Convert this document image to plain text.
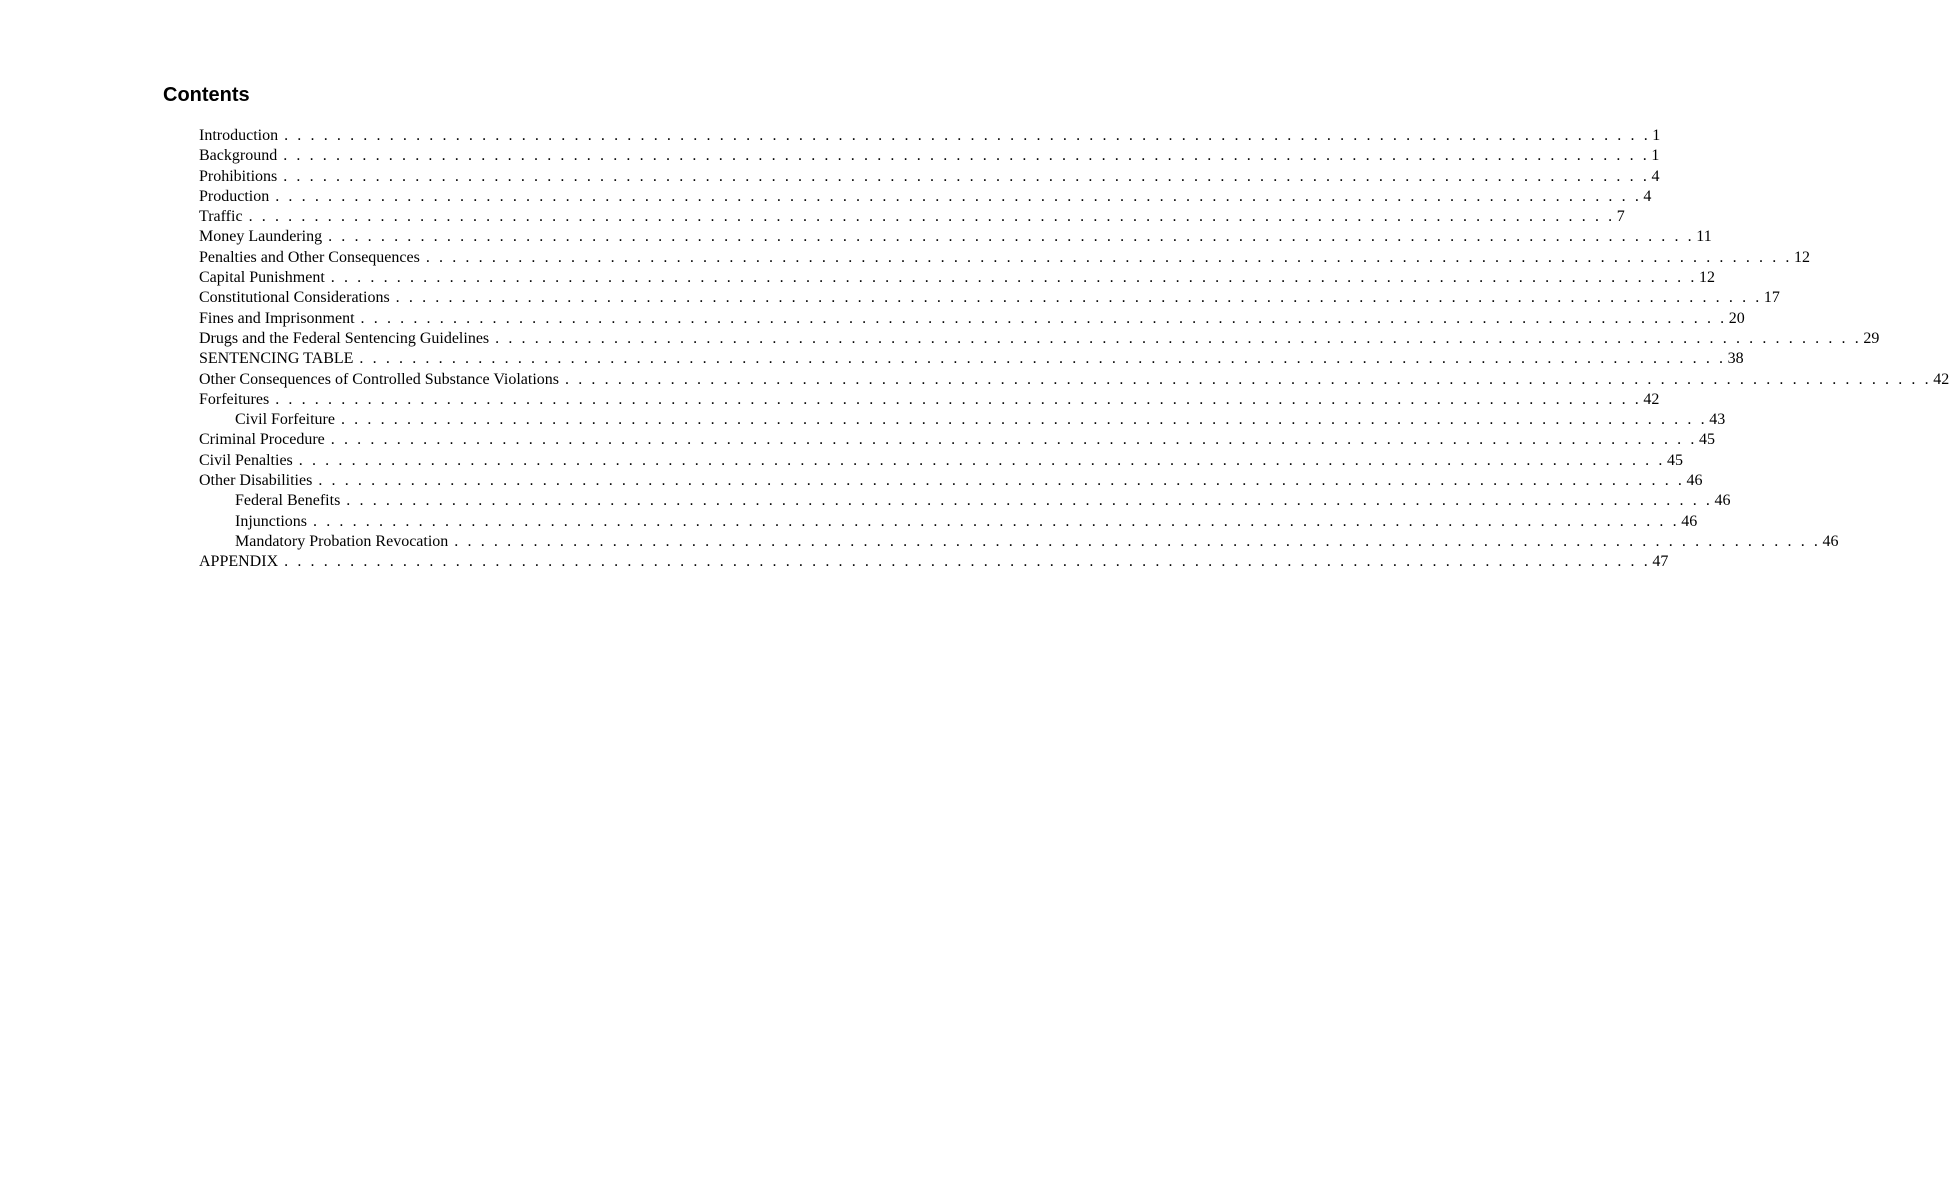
Contents
Introduction . . . . . . . . . . . . . . . . . . . . . . . . . . . . . . . . . . . . . . . . . . . . . . . . . . . . . . . . . . . . . . . . . . . . . . . . . . . . . . . . . . . . . . . . . . . . . . . . . . . . . . . . 1
Background . . . . . . . . . . . . . . . . . . . . . . . . . . . . . . . . . . . . . . . . . . . . . . . . . . . . . . . . . . . . . . . . . . . . . . . . . . . . . . . . . . . . . . . . . . . . . . . . . . . . . . . . 1
Prohibitions . . . . . . . . . . . . . . . . . . . . . . . . . . . . . . . . . . . . . . . . . . . . . . . . . . . . . . . . . . . . . . . . . . . . . . . . . . . . . . . . . . . . . . . . . . . . . . . . . . . . . . . . 4
Production . . . . . . . . . . . . . . . . . . . . . . . . . . . . . . . . . . . . . . . . . . . . . . . . . . . . . . . . . . . . . . . . . . . . . . . . . . . . . . . . . . . . . . . . . . . . . . . . . . . . . . . . 4
Traffic . . . . . . . . . . . . . . . . . . . . . . . . . . . . . . . . . . . . . . . . . . . . . . . . . . . . . . . . . . . . . . . . . . . . . . . . . . . . . . . . . . . . . . . . . . . . . . . . . . . . . . . . 7
Money Laundering . . . . . . . . . . . . . . . . . . . . . . . . . . . . . . . . . . . . . . . . . . . . . . . . . . . . . . . . . . . . . . . . . . . . . . . . . . . . . . . . . . . . . . . . . . . . . . . . . . . . . . . . 11
Penalties and Other Consequences . . . . . . . . . . . . . . . . . . . . . . . . . . . . . . . . . . . . . . . . . . . . . . . . . . . . . . . . . . . . . . . . . . . . . . . . . . . . . . . . . . . . . . . . . . . . . . . . . . . . . . . . 12
Capital Punishment . . . . . . . . . . . . . . . . . . . . . . . . . . . . . . . . . . . . . . . . . . . . . . . . . . . . . . . . . . . . . . . . . . . . . . . . . . . . . . . . . . . . . . . . . . . . . . . . . . . . . . . . 12
Constitutional Considerations . . . . . . . . . . . . . . . . . . . . . . . . . . . . . . . . . . . . . . . . . . . . . . . . . . . . . . . . . . . . . . . . . . . . . . . . . . . . . . . . . . . . . . . . . . . . . . . . . . . . . . . . 17
Fines and Imprisonment . . . . . . . . . . . . . . . . . . . . . . . . . . . . . . . . . . . . . . . . . . . . . . . . . . . . . . . . . . . . . . . . . . . . . . . . . . . . . . . . . . . . . . . . . . . . . . . . . . . . . . . . 20
Drugs and the Federal Sentencing Guidelines . . . . . . . . . . . . . . . . . . . . . . . . . . . . . . . . . . . . . . . . . . . . . . . . . . . . . . . . . . . . . . . . . . . . . . . . . . . . . . . . . . . . . . . . . . . . . . . . . . . . . . . . 29
SENTENCING TABLE . . . . . . . . . . . . . . . . . . . . . . . . . . . . . . . . . . . . . . . . . . . . . . . . . . . . . . . . . . . . . . . . . . . . . . . . . . . . . . . . . . . . . . . . . . . . . . . . . . . . . . . . 38
Other Consequences of Controlled Substance Violations . . . . . . . . . . . . . . . . . . . . . . . . . . . . . . . . . . . . . . . . . . . . . . . . . . . . . . . . . . . . . . . . . . . . . . . . . . . . . . . . . . . . . . . . . . . . . . . . . . . . . . . . 42
Forfeitures . . . . . . . . . . . . . . . . . . . . . . . . . . . . . . . . . . . . . . . . . . . . . . . . . . . . . . . . . . . . . . . . . . . . . . . . . . . . . . . . . . . . . . . . . . . . . . . . . . . . . . . . 42
Civil Forfeiture . . . . . . . . . . . . . . . . . . . . . . . . . . . . . . . . . . . . . . . . . . . . . . . . . . . . . . . . . . . . . . . . . . . . . . . . . . . . . . . . . . . . . . . . . . . . . . . . . . . . . . . . 43
Criminal Procedure . . . . . . . . . . . . . . . . . . . . . . . . . . . . . . . . . . . . . . . . . . . . . . . . . . . . . . . . . . . . . . . . . . . . . . . . . . . . . . . . . . . . . . . . . . . . . . . . . . . . . . . . 45
Civil Penalties . . . . . . . . . . . . . . . . . . . . . . . . . . . . . . . . . . . . . . . . . . . . . . . . . . . . . . . . . . . . . . . . . . . . . . . . . . . . . . . . . . . . . . . . . . . . . . . . . . . . . . . . 45
Other Disabilities . . . . . . . . . . . . . . . . . . . . . . . . . . . . . . . . . . . . . . . . . . . . . . . . . . . . . . . . . . . . . . . . . . . . . . . . . . . . . . . . . . . . . . . . . . . . . . . . . . . . . . . . 46
Federal Benefits . . . . . . . . . . . . . . . . . . . . . . . . . . . . . . . . . . . . . . . . . . . . . . . . . . . . . . . . . . . . . . . . . . . . . . . . . . . . . . . . . . . . . . . . . . . . . . . . . . . . . . . . 46
Injunctions . . . . . . . . . . . . . . . . . . . . . . . . . . . . . . . . . . . . . . . . . . . . . . . . . . . . . . . . . . . . . . . . . . . . . . . . . . . . . . . . . . . . . . . . . . . . . . . . . . . . . . . . 46
Mandatory Probation Revocation . . . . . . . . . . . . . . . . . . . . . . . . . . . . . . . . . . . . . . . . . . . . . . . . . . . . . . . . . . . . . . . . . . . . . . . . . . . . . . . . . . . . . . . . . . . . . . . . . . . . . . . . 46
APPENDIX . . . . . . . . . . . . . . . . . . . . . . . . . . . . . . . . . . . . . . . . . . . . . . . . . . . . . . . . . . . . . . . . . . . . . . . . . . . . . . . . . . . . . . . . . . . . . . . . . . . . . . . . 47
